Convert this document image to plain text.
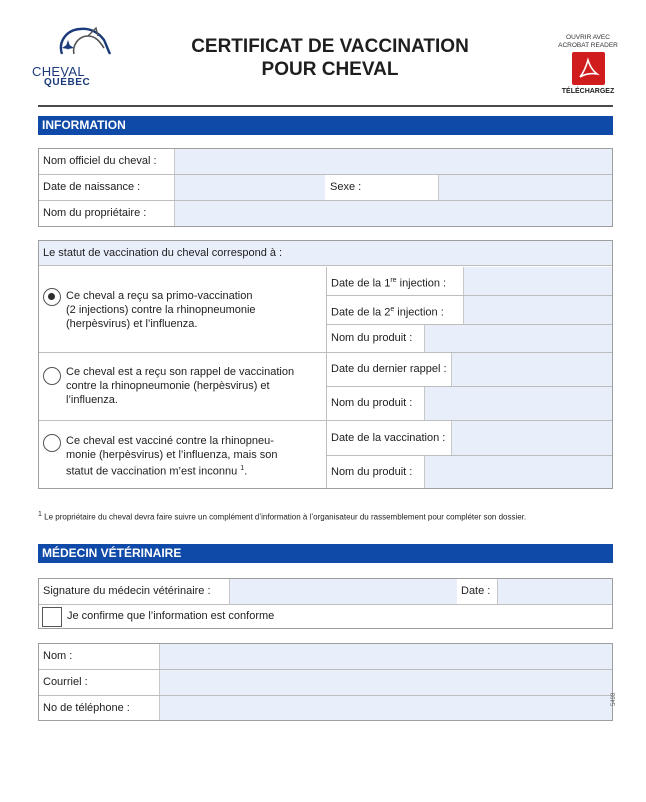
CHEVAL
QUÉBEC
CERTIFICAT DE VACCINATION
POUR CHEVAL
OUVRIR AVEC
ACROBAT READER
TÉLÉCHARGEZ
INFORMATION
Nom officiel du cheval :
Date de naissance :	Sexe :
Nom du propriétaire :
Le statut de vaccination du cheval correspond à :
Ce cheval a reçu sa primo-vaccination
(2 injections) contre la rhinopneumonie
(herpèsvirus) et l’influenza.
Date de la 1re injection :
Date de la 2e injection :
Nom du produit :
Ce cheval est a reçu son rappel de vaccination
contre la rhinopneumonie (herpèsvirus) et
l’influenza.
Date du dernier rappel :
Nom du produit :
Ce cheval est vacciné contre la rhinopneu-
monie (herpèsvirus) et l’influenza, mais son
statut de vaccination m’est inconnu $^1$.
Date de la vaccination :
Nom du produit :
1 Le propriétaire du cheval devra faire suivre un complément d’information à l’organisateur du rassemblement pour compléter son dossier.
MÉDECIN VÉTÉRINAIRE
Signature du médecin vétérinaire :	Date :
Je confirme que l’information est conforme
Nom :
Courriel :
No de téléphone :
5498
